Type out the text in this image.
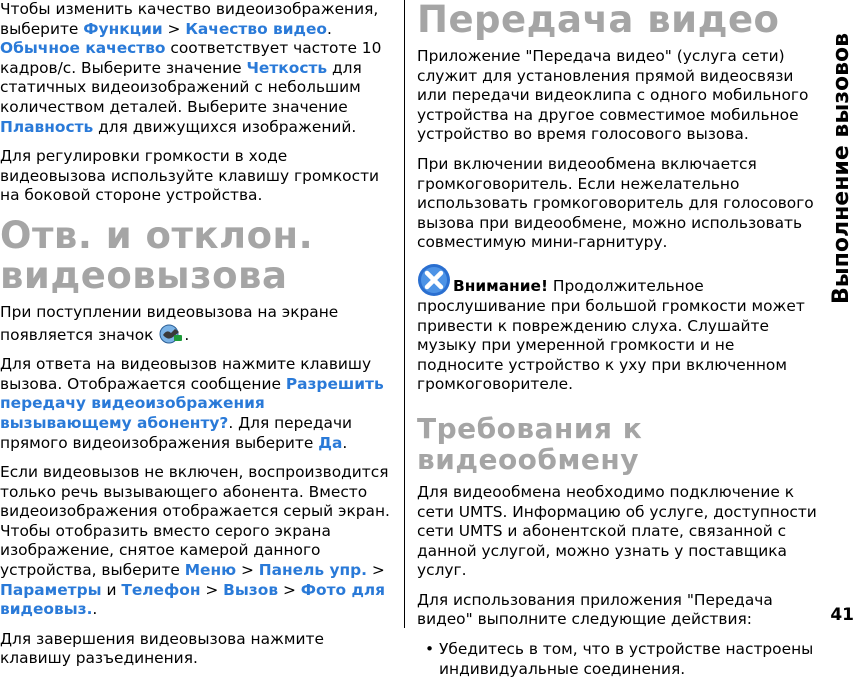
Чтобы изменить качество видеоизображения, выберите Функции > Качество видео. Обычное качество соответствует частоте 10 кадров/с. Выберите значение Четкость для статичных видеоизображений с небольшим количеством деталей. Выберите значение Плавность для движущихся изображений.

Для регулировки громкости в ходе видеовызова используйте клавишу громкости на боковой стороне устройства.

Отв. и отклон. видеовызова

При поступлении видеовызова на экране появляется значок .

Для ответа на видеовызов нажмите клавишу вызова. Отображается сообщение Разрешить передачу видеоизображения вызывающему абоненту?. Для передачи прямого видеоизображения выберите Да.

Если видеовызов не включен, воспроизводится только речь вызывающего абонента. Вместо видеоизображения отображается серый экран. Чтобы отобразить вместо серого экрана изображение, снятое камерой данного устройства, выберите Меню > Панель упр. > Параметры и Телефон > Вызов > Фото для видеовыз..

Для завершения видеовызова нажмите клавишу разъединения.

Передача видео

Приложение "Передача видео" (услуга сети) служит для установления прямой видеосвязи или передачи видеоклипа с одного мобильного устройства на другое совместимое мобильное устройство во время голосового вызова.

При включении видеообмена включается громкоговоритель. Если нежелательно использовать громкоговоритель для голосового вызова при видеообмене, можно использовать совместимую мини-гарнитуру.

Внимание! Продолжительное прослушивание при большой громкости может привести к повреждению слуха. Слушайте музыку при умеренной громкости и не подносите устройство к уху при включенном громкоговорителе.

Требования к видеообмену

Для видеообмена необходимо подключение к сети UMTS. Информацию об услуге, доступности сети UMTS и абонентской плате, связанной с данной услугой, можно узнать у поставщика услуг.

Для использования приложения "Передача видео" выполните следующие действия:

• Убедитесь в том, что в устройстве настроены индивидуальные соединения.
Выполнение вызовов
41
